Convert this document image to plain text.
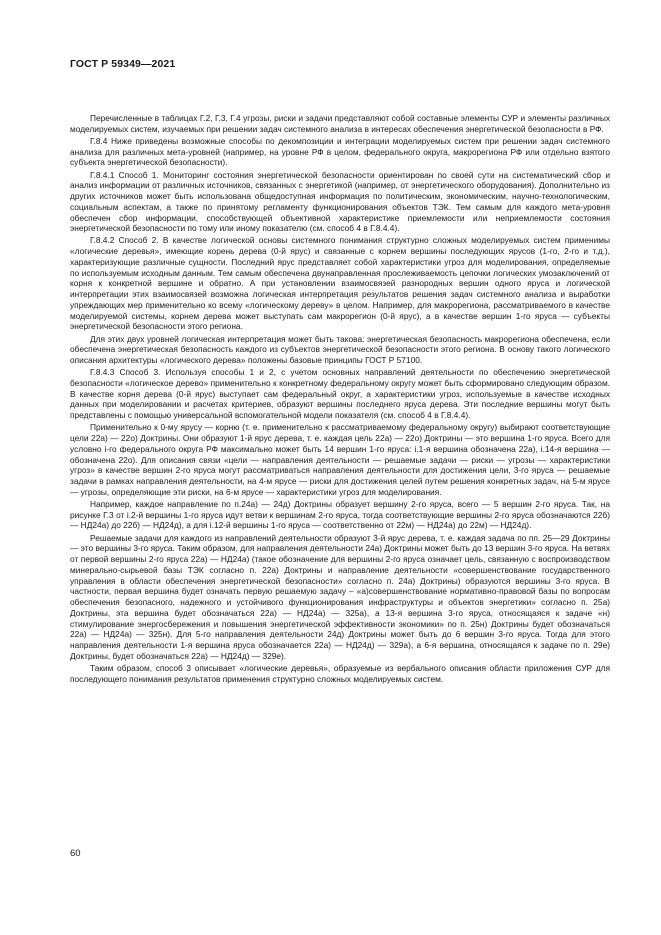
ГОСТ Р 59349—2021

Перечисленные в таблицах Г.2, Г.3, Г.4 угрозы, риски и задачи представляют собой составные элементы СУР и элементы различных моделируемых систем, изучаемых при решении задач системного анализа в интересах обеспечения энергетической безопасности в РФ.

Г.8.4 Ниже приведены возможные способы по декомпозиции и интеграции моделируемых систем при решении задач системного анализа для различных мета-уровней (например, на уровне РФ в целом, федерального округа, макрорегиона РФ или отдельно взятого субъекта энергетической безопасности).

Г.8.4.1 Способ 1. Мониторинг состояния энергетической безопасности ориентирован по своей сути на систематический сбор и анализ информации от различных источников, связанных с энергетикой (например, от энергетического оборудования). Дополнительно из других источников может быть использована общедоступная информация по политическим, экономическим, научно-технологическим, социальным аспектам, а также по принятому регламенту функционирования объектов ТЭК. Тем самым для каждого мета-уровня обеспечен сбор информации, способствующей объективной характеристике приемлемости или неприемлемости состояния энергетической безопасности по тому или иному показателю (см. способ 4 в Г.8.4.4).

Г.8.4.2 Способ 2. В качестве логической основы системного понимания структурно сложных моделируемых систем применимы «логические деревья», имеющие корень дерева (0-й ярус) и связанные с корнем вершины последующих ярусов (1-го, 2-го и т.д.), характеризующие различные сущности. Последний ярус представляет собой характеристики угроз для моделирования, определяемые по используемым исходным данным. Тем самым обеспечена двунаправленная прослеживаемость цепочки логических умозаключений от корня к конкретной вершине и обратно. А при установлении взаимосвязей разнородных вершин одного яруса и логической интерпретации этих взаимосвязей возможна логическая интерпретация результатов решения задач системного анализа и выработки упреждающих мер применительно ко всему «логическому дереву» в целом. Например, для макрорегиона, рассматриваемого в качестве моделируемой системы, корнем дерева может выступать сам макрорегион (0-й ярус), а в качестве вершин 1-го яруса — субъекты энергетической безопасности этого региона.

Для этих двух уровней логическая интерпретация может быть такова: энергетическая безопасность макрорегиона обеспечена, если обеспечена энергетическая безопасность каждого из субъектов энергетической безопасности этого региона. В основу такого логического описания архитектуры «логического дерева» положены базовые принципы ГОСТ Р 57100.

Г.8.4.3 Способ 3. Используя способы 1 и 2, с учетом основных направлений деятельности по обеспечению энергетической безопасности «логическое дерево» применительно к конкретному федеральному округу может быть сформировано следующим образом. В качестве корня дерева (0-й ярус) выступает сам федеральный округ, а характеристики угроз, используемые в качестве исходных данных при моделировании и расчетах критериев, образуют вершины последнего яруса дерева. Эти последние вершины могут быть представлены с помощью универсальной вспомогательной модели показателя (см. способ 4 в Г.8.4.4).

Применительно к 0-му ярусу — корню (т. е. применительно к рассматриваемому федеральному округу) выбирают соответствующие цели 22а) — 22о) Доктрины. Они образуют 1-й ярус дерева, т. е. каждая цель 22а) — 22о) Доктрины — это вершина 1-го яруса. Всего для условно i-го федерального округа РФ максимально может быть 14 вершин 1-го яруса: i.1-я вершина обозначена 22а), i.14-я вершина — обозначена 22о). Для описания связи «цели — направления деятельности — решаемые задачи — риски — угрозы — характеристики угроз» в качестве вершин 2-го яруса могут рассматриваться направления деятельности для достижения цели, 3-го яруса — решаемые задачи в рамках направления деятельности, на 4-м ярусе — риски для достижения целей путем решения конкретных задач, на 5-м ярусе — угрозы, определяющие эти риски, на 6-м ярусе — характеристики угроз для моделирования.

Например, каждое направление по п.24а) — 24д) Доктрины образует вершину 2-го яруса, всего — 5 вершин 2-го яруса. Так, на рисунке Г.3 от i.2-й вершины 1-го яруса идут ветви к вершинам 2-го яруса, тогда соответствующие вершины 2-го яруса обозначаются 22б) — НД24а) до 22б) — НД24д), а для i.12-й вершины 1-го яруса — соответственно от 22м) — НД24а) до 22м) — НД24д).

Решаемые задачи для каждого из направлений деятельности образуют 3-й ярус дерева, т. е. каждая задача по пп. 25—29 Доктрины — это вершины 3-го яруса. Таким образом, для направления деятельности 24а) Доктрины может быть до 13 вершин 3-го яруса. На ветвях от первой вершины 2-го яруса 22а) — НД24а) (такое обозначение для вершины 2-го яруса означает цель, связанную с воспроизводством минерально-сырьевой базы ТЭК согласно п. 22а) Доктрины и направление деятельности «совершенствование государственного управления в области обеспечения энергетической безопасности» согласно п. 24а) Доктрины) образуются вершины 3-го яруса. В частности, первая вершина будет означать первую решаемую задачу – «а)совершенствование нормативно-правовой базы по вопросам обеспечения безопасного, надежного и устойчивого функционирования инфраструктуры и объектов энергетики» согласно п. 25а) Доктрины, эта вершина будет обозначаться 22а) — НД24а) — 325а), а 13-я вершина 3-го яруса, относящаяся к задаче «н) стимулирование энергосбережения и повышения энергетической эффективности экономики» по п. 25н) Доктрины будет обозначаться 22а) — НД24а) — 325н). Для 5-го направления деятельности 24д) Доктрины может быть до 6 вершин 3-го яруса. Тогда для этого направления деятельности 1-я вершина яруса обозначается 22а) — НД24д) — 329а), а 6-я вершина, относящаяся к задаче по п. 29е) Доктрины, будет обозначаться 22а) — НД24д) — 329е).

Таким образом, способ 3 описывает «логические деревья», образуемые из вербального описания области приложения СУР для последующего понимания результатов применения структурно сложных моделируемых систем.

60
